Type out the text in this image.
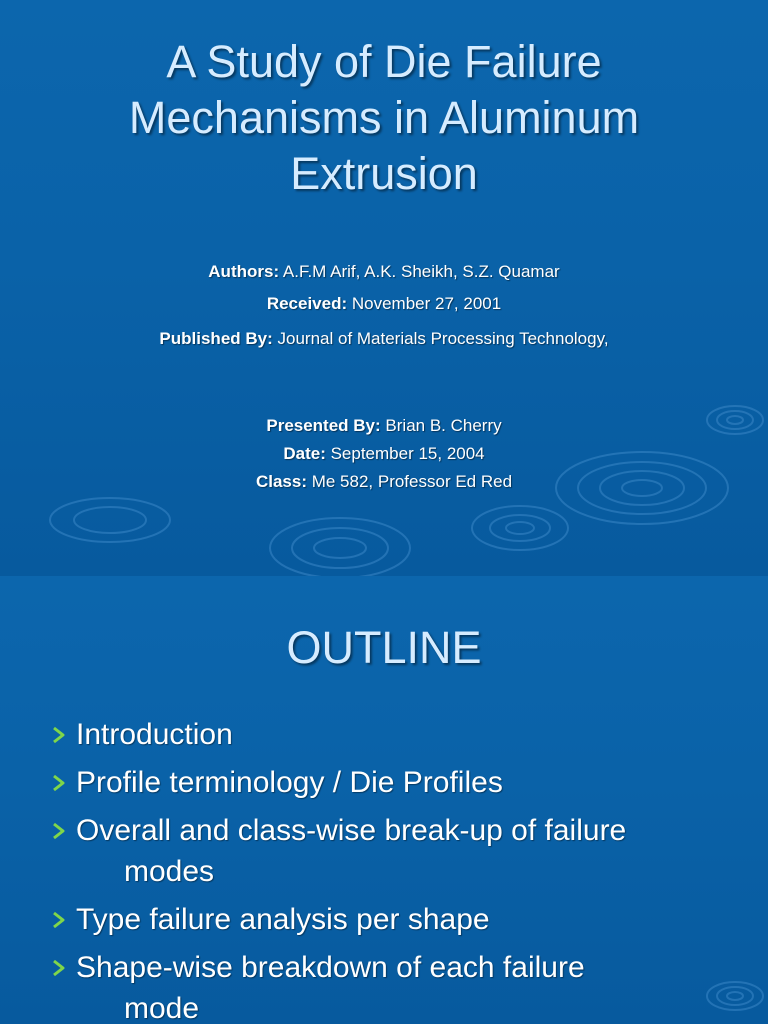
A Study of Die Failure Mechanisms in Aluminum Extrusion
Authors: A.F.M Arif, A.K. Sheikh, S.Z. Quamar
Received: November 27, 2001
Published By: Journal of Materials Processing Technology,
Presented By: Brian B. Cherry
Date: September 15, 2004
Class: Me 582, Professor Ed Red
OUTLINE
Introduction
Profile terminology / Die Profiles
Overall and class-wise break-up of failure
modes
Type failure analysis per shape
Shape-wise breakdown of each failure
mode
